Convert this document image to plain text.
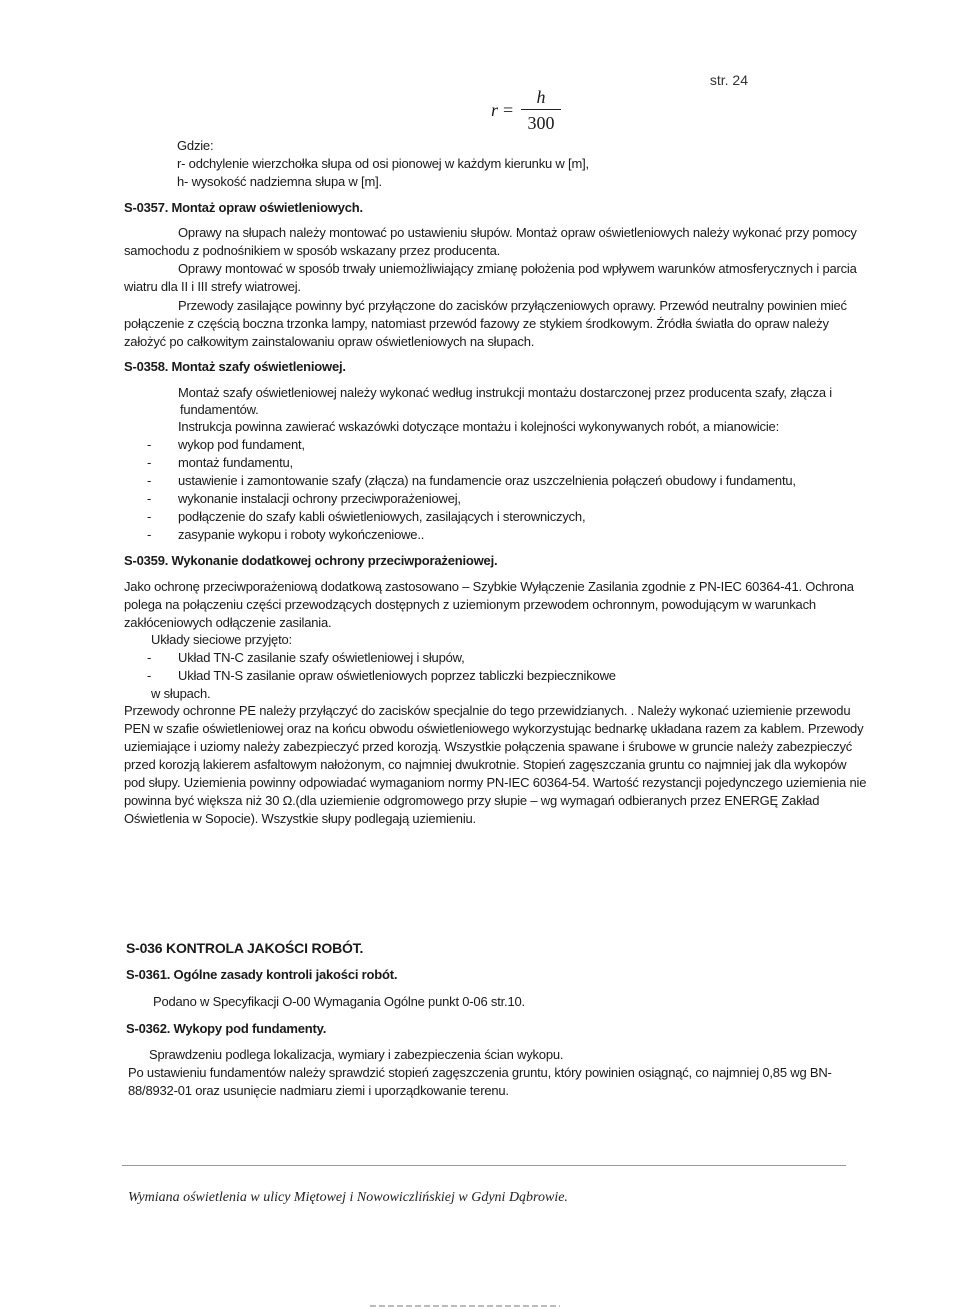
str. 24
r =
h
300
Gdzie:
r- odchylenie wierzchołka słupa od osi pionowej w każdym kierunku w [m],
h- wysokość nadziemna słupa w [m].
S-0357. Montaż opraw oświetleniowych.
Oprawy na słupach należy montować po ustawieniu słupów. Montaż opraw oświetleniowych należy wykonać przy pomocy
samochodu z podnośnikiem w sposób wskazany przez producenta.
Oprawy montować w sposób trwały uniemożliwiający zmianę położenia pod wpływem warunków atmosferycznych i parcia
wiatru dla II i III strefy wiatrowej.
Przewody zasilające powinny być przyłączone do zacisków przyłączeniowych oprawy. Przewód neutralny powinien mieć
połączenie z częścią boczna trzonka lampy, natomiast przewód fazowy ze stykiem środkowym. Źródła światła do opraw należy
założyć po całkowitym zainstalowaniu opraw oświetleniowych na słupach.
S-0358. Montaż szafy oświetleniowej.
Montaż szafy oświetleniowej należy wykonać według instrukcji montażu dostarczonej przez producenta szafy, złącza i
fundamentów.
Instrukcja powinna zawierać wskazówki dotyczące montażu i kolejności wykonywanych robót, a mianowicie:
- wykop pod fundament,
- montaż fundamentu,
- ustawienie i zamontowanie szafy (złącza) na fundamencie oraz uszczelnienia połączeń obudowy i fundamentu,
- wykonanie instalacji ochrony przeciwporażeniowej,
- podłączenie do szafy kabli oświetleniowych, zasilających i sterowniczych,
- zasypanie wykopu i roboty wykończeniowe..
S-0359. Wykonanie dodatkowej ochrony przeciwporażeniowej.
Jako ochronę przeciwporażeniową dodatkową zastosowano – Szybkie Wyłączenie Zasilania zgodnie z PN-IEC 60364-41. Ochrona
polega na połączeniu części przewodzących dostępnych z uziemionym przewodem ochronnym, powodującym w warunkach
zakłóceniowych odłączenie zasilania.
Układy sieciowe przyjęto:
- Układ TN-C zasilanie szafy oświetleniowej i słupów,
- Układ TN-S zasilanie opraw oświetleniowych poprzez tabliczki bezpiecznikowe
w słupach.
Przewody ochronne PE należy przyłączyć do zacisków specjalnie do tego przewidzianych. . Należy wykonać uziemienie przewodu
PEN w szafie oświetleniowej oraz na końcu obwodu oświetleniowego wykorzystując bednarkę układana razem za kablem. Przewody
uziemiające i uziomy należy zabezpieczyć przed korozją. Wszystkie połączenia spawane i śrubowe w gruncie należy zabezpieczyć
przed korozją lakierem asfaltowym nałożonym, co najmniej dwukrotnie. Stopień zagęszczania gruntu co najmniej jak dla wykopów
pod słupy. Uziemienia powinny odpowiadać wymaganiom normy PN-IEC 60364-54. Wartość rezystancji pojedynczego uziemienia nie
powinna być większa niż 30 Ω.(dla uziemienie odgromowego przy słupie – wg wymagań odbieranych przez ENERGĘ Zakład
Oświetlenia w Sopocie). Wszystkie słupy podlegają uziemieniu.
S-036 KONTROLA JAKOŚCI ROBÓT.
S-0361. Ogólne zasady kontroli jakości robót.
Podano w Specyfikacji O-00 Wymagania Ogólne punkt 0-06 str.10.
S-0362. Wykopy pod fundamenty.
Sprawdzeniu podlega lokalizacja, wymiary i zabezpieczenia ścian wykopu.
Po ustawieniu fundamentów należy sprawdzić stopień zagęszczenia gruntu, który powinien osiągnąć, co najmniej 0,85 wg BN-
88/8932-01 oraz usunięcie nadmiaru ziemi i uporządkowanie terenu.
Wymiana oświetlenia w ulicy Miętowej i Nowowiczlińskiej w Gdyni Dąbrowie.
